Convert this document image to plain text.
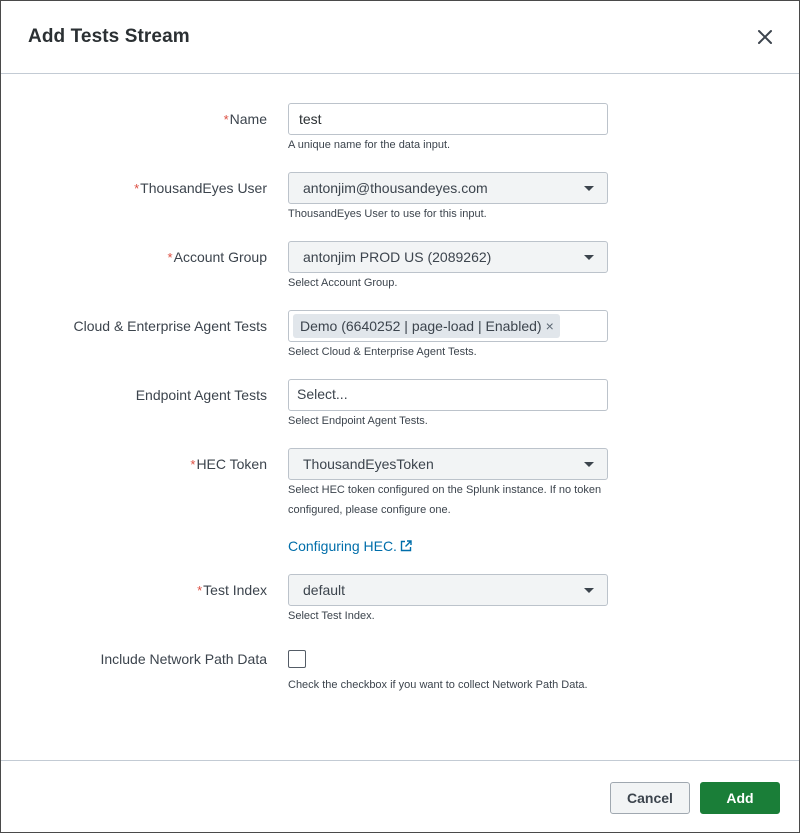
Add Tests Stream
*Name	test
A unique name for the data input.
*ThousandEyes User	antonjim@thousandeyes.com
ThousandEyes User to use for this input.
*Account Group	antonjim PROD US (2089262)
Select Account Group.
Cloud & Enterprise Agent Tests	Demo (6640252 | page-load | Enabled) ×
Select Cloud & Enterprise Agent Tests.
Endpoint Agent Tests	Select...
Select Endpoint Agent Tests.
*HEC Token	ThousandEyesToken
Select HEC token configured on the Splunk instance. If no token configured, please configure one.
Configuring HEC.
*Test Index	default
Select Test Index.
Include Network Path Data
Check the checkbox if you want to collect Network Path Data.
Cancel	Add
